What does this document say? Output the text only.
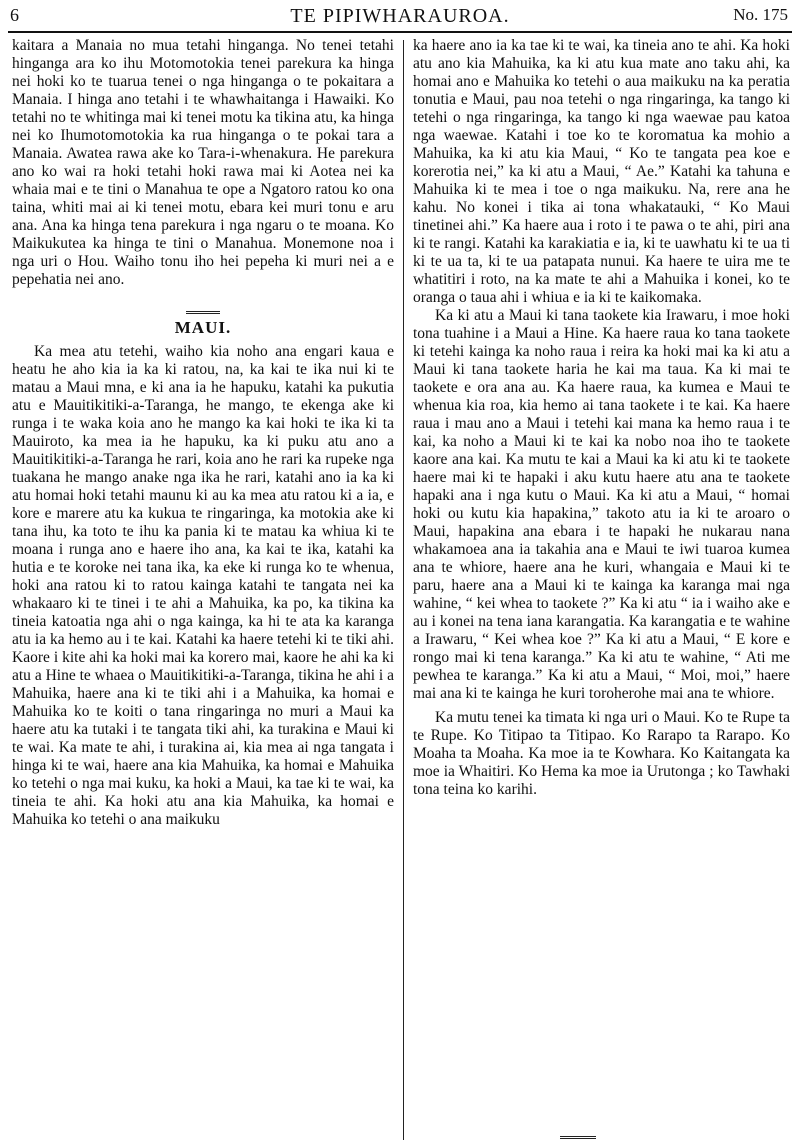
6	TE PIPIWHARAUROA.	No. 175

kaitara a Manaia no mua tetahi hinganga. No tenei tetahi hinganga ara ko ihu Motomotokia tenei parekura ka hinga nei hoki ko te tuarua tenei o nga hinganga o te pokaitara a Manaia. I hinga ano tetahi i te whawhaitanga i Hawaiki. Ko tetahi no te whitinga mai ki tenei motu ka tikina atu, ka hinga nei ko Ihumotomotokia ka rua hinganga o te pokai tara a Manaia. Awatea rawa ake ko Tara-i-whenakura. He parekura ano ko wai ra hoki tetahi hoki rawa mai ki Aotea nei ka whaia mai e te tini o Manahua te ope a Ngatoro ratou ko ona taina, whiti mai ai ki tenei motu, ebara kei muri tonu e aru ana. Ana ka hinga tena parekura i nga ngaru o te moana. Ko Maikukutea ka hinga te tini o Manahua. Monemone noa i nga uri o Hou. Waiho tonu iho hei pepeha ki muri nei a e pepehatia nei ano.

MAUI.

Ka mea atu tetehi, waiho kia noho ana engari kaua e heatu he aho kia ia ka ki ratou, na, ka kai te ika nui ki te matau a Maui mna, e ki ana ia he hapuku, katahi ka pukutia atu e Mauitikitiki-a-Taranga, he mango, te ekenga ake ki runga i te waka koia ano he mango ka kai hoki te ika ki ta Mauiroto, ka mea ia he hapuku, ka ki puku atu ano a Mauitikitiki-a-Taranga he rari, koia ano he rari ka rupeke nga tuakana he mango anake nga ika he rari, katahi ano ia ka ki atu homai hoki tetahi maunu ki au ka mea atu ratou ki a ia, e kore e marere atu ka kukua te ringaringa, ka motokia ake ki tana ihu, ka toto te ihu ka pania ki te matau ka whiua ki te moana i runga ano e haere iho ana, ka kai te ika, katahi ka hutia e te koroke nei tana ika, ka eke ki runga ko te whenua, hoki ana ratou ki to ratou kainga katahi te tangata nei ka whakaaro ki te tinei i te ahi a Mahuika, ka po, ka tikina ka tineia katoatia nga ahi o nga kainga, ka hi te ata ka karanga atu ia ka hemo au i te kai. Katahi ka haere tetehi ki te tiki ahi. Kaore i kite ahi ka hoki mai ka korero mai, kaore he ahi ka ki atu a Hine te whaea o Mauitikitiki-a-Taranga, tikina he ahi i a Mahuika, haere ana ki te tiki ahi i a Mahuika, ka homai e Mahuika ko te koiti o tana ringaringa no muri a Maui ka haere atu ka tutaki i te tangata tiki ahi, ka turakina e Maui ki te wai. Ka mate te ahi, i turakina ai, kia mea ai nga tangata i hinga ki te wai, haere ana kia Mahuika, ka homai e Mahuika ko tetehi o nga mai kuku, ka hoki a Maui, ka tae ki te wai, ka tineia te ahi. Ka hoki atu ana kia Mahuika, ka homai e Mahuika ko tetehi o ana maikuku

ka haere ano ia ka tae ki te wai, ka tineia ano te ahi. Ka hoki atu ano kia Mahuika, ka ki atu kua mate ano taku ahi, ka homai ano e Mahuika ko tetehi o aua maikuku na ka peratia tonutia e Maui, pau noa tetehi o nga ringaringa, ka tango ki tetehi o nga ringaringa, ka tango ki nga waewae pau katoa nga waewae. Katahi i toe ko te koromatua ka mohio a Mahuika, ka ki atu kia Maui, “ Ko te tangata pea koe e korerotia nei,” ka ki atu a Maui, “ Ae.” Katahi ka tahuna e Mahuika ki te mea i toe o nga maikuku. Na, rere ana he kahu. No konei i tika ai tona whakatauki, “ Ko Maui tinetinei ahi.” Ka haere aua i roto i te pawa o te ahi, piri ana ki te rangi. Katahi ka karakiatia e ia, ki te uawhatu ki te ua ti ki te ua ta, ki te ua patapata nunui. Ka haere te uira me te whatitiri i roto, na ka mate te ahi a Mahuika i konei, ko te oranga o taua ahi i whiua e ia ki te kaikomaka.

Ka ki atu a Maui ki tana taokete kia Irawaru, i moe hoki tona tuahine i a Maui a Hine. Ka haere raua ko tana taokete ki tetehi kainga ka noho raua i reira ka hoki mai ka ki atu a Maui ki tana taokete haria he kai ma taua. Ka ki mai te taokete e ora ana au. Ka haere raua, ka kumea e Maui te whenua kia roa, kia hemo ai tana taokete i te kai. Ka haere raua i mau ano a Maui i tetehi kai mana ka hemo raua i te kai, ka noho a Maui ki te kai ka nobo noa iho te taokete kaore ana kai. Ka mutu te kai a Maui ka ki atu ki te taokete haere mai ki te hapaki i aku kutu haere atu ana te taokete hapaki ana i nga kutu o Maui. Ka ki atu a Maui, “ homai hoki ou kutu kia hapakina,” takoto atu ia ki te aroaro o Maui, hapakina ana ebara i te hapaki he nukarau nana whakamoea ana ia takahia ana e Maui te iwi tuaroa kumea ana te whiore, haere ana he kuri, whangaia e Maui ki te paru, haere ana a Maui ki te kainga ka karanga mai nga wahine, “ kei whea to taokete ?” Ka ki atu “ ia i waiho ake e au i konei na tena iana karangatia. Ka karangatia e te wahine a Irawaru, “ Kei whea koe ?” Ka ki atu a Maui, “ E kore e rongo mai ki tena karanga.” Ka ki atu te wahine, “ Ati me pewhea te karanga.” Ka ki atu a Maui, “ Moi, moi,” haere mai ana ki te kainga he kuri toroherohe mai ana te whiore.

Ka mutu tenei ka timata ki nga uri o Maui. Ko te Rupe ta te Rupe. Ko Titipao ta Titipao. Ko Rarapo ta Rarapo. Ko Moaha ta Moaha. Ka moe ia te Kowhara. Ko Kaitangata ka moe ia Whaitiri. Ko Hema ka moe ia Urutonga ; ko Tawhaki tona teina ko karihi.
